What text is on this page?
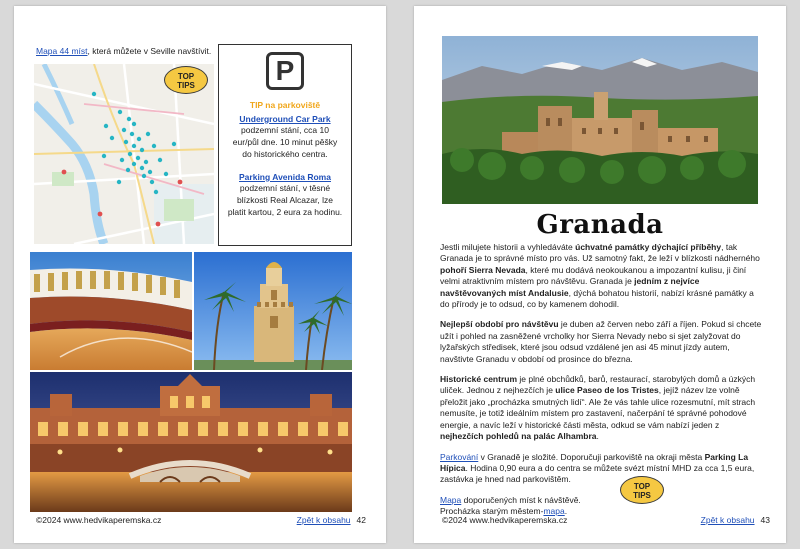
Mapa 44 míst, která můžete v Seville navštívit.
TOP
TIPS	P
TIP na parkoviště
Underground Car Park
podzemní stání, cca 10 eur/půl dne. 10 minut pěšky do historického centra.
Parking Avenida Roma
podzemní stání, v těsné blízkosti Real Alcazar, lze platit kartou, 2 eura za hodinu.
©2024 www.hedvikaperemska.cz	Zpět k obsahu 42
Granada

Jestli milujete historii a vyhledáváte úchvatné památky dýchající příběhy, tak Granada je to správné místo pro vás. Už samotný fakt, že leží v blízkosti nádherného pohoří Sierra Nevada, které mu dodává neokoukanou a impozantní kulisu, ji činí velmi atraktivním místem pro návštěvu. Granada je jedním z nejvíce navštěvovaných míst Andalusie, dýchá bohatou historií, nabízí krásné památky a do přírody je to odsud, co by kamenem dohodil.

Nejlepší období pro návštěvu je duben až červen nebo září a říjen. Pokud si chcete užít i pohled na zasněžené vrcholky hor Sierra Nevady nebo si sjet zalyžovat do lyžařských středisek, které jsou odsud vzdálené jen asi 45 minut jízdy autem, navštivte Granadu v období od prosince do března.

Historické centrum je plné obchůdků, barů, restaurací, starobylých domů a úzkých uliček. Jednou z nejhezčích je ulice Paseo de los Tristes, jejíž název lze volně přeložit jako „procházka smutných lidí“. Ale že vás tahle ulice rozesmutní, mít strach nemusíte, je totiž ideálním místem pro zastavení, načerpání té správné pohodové energie, a navíc leží v historické části města, odkud se vám nabízí jeden z nejhezčích pohledů na palác Alhambra.

Parkování v Granadě je složité. Doporučuji parkoviště na okraji města Parking La Hípica. Hodina 0,90 eura a do centra se můžete svézt místní MHD za cca 1,5 eura, zastávka je hned nad parkovištěm.

Mapa doporučených míst k návštěvě.
Procházka starým městem-mapa.

TOP
TIPS
©2024 www.hedvikaperemska.cz	Zpět k obsahu 43
